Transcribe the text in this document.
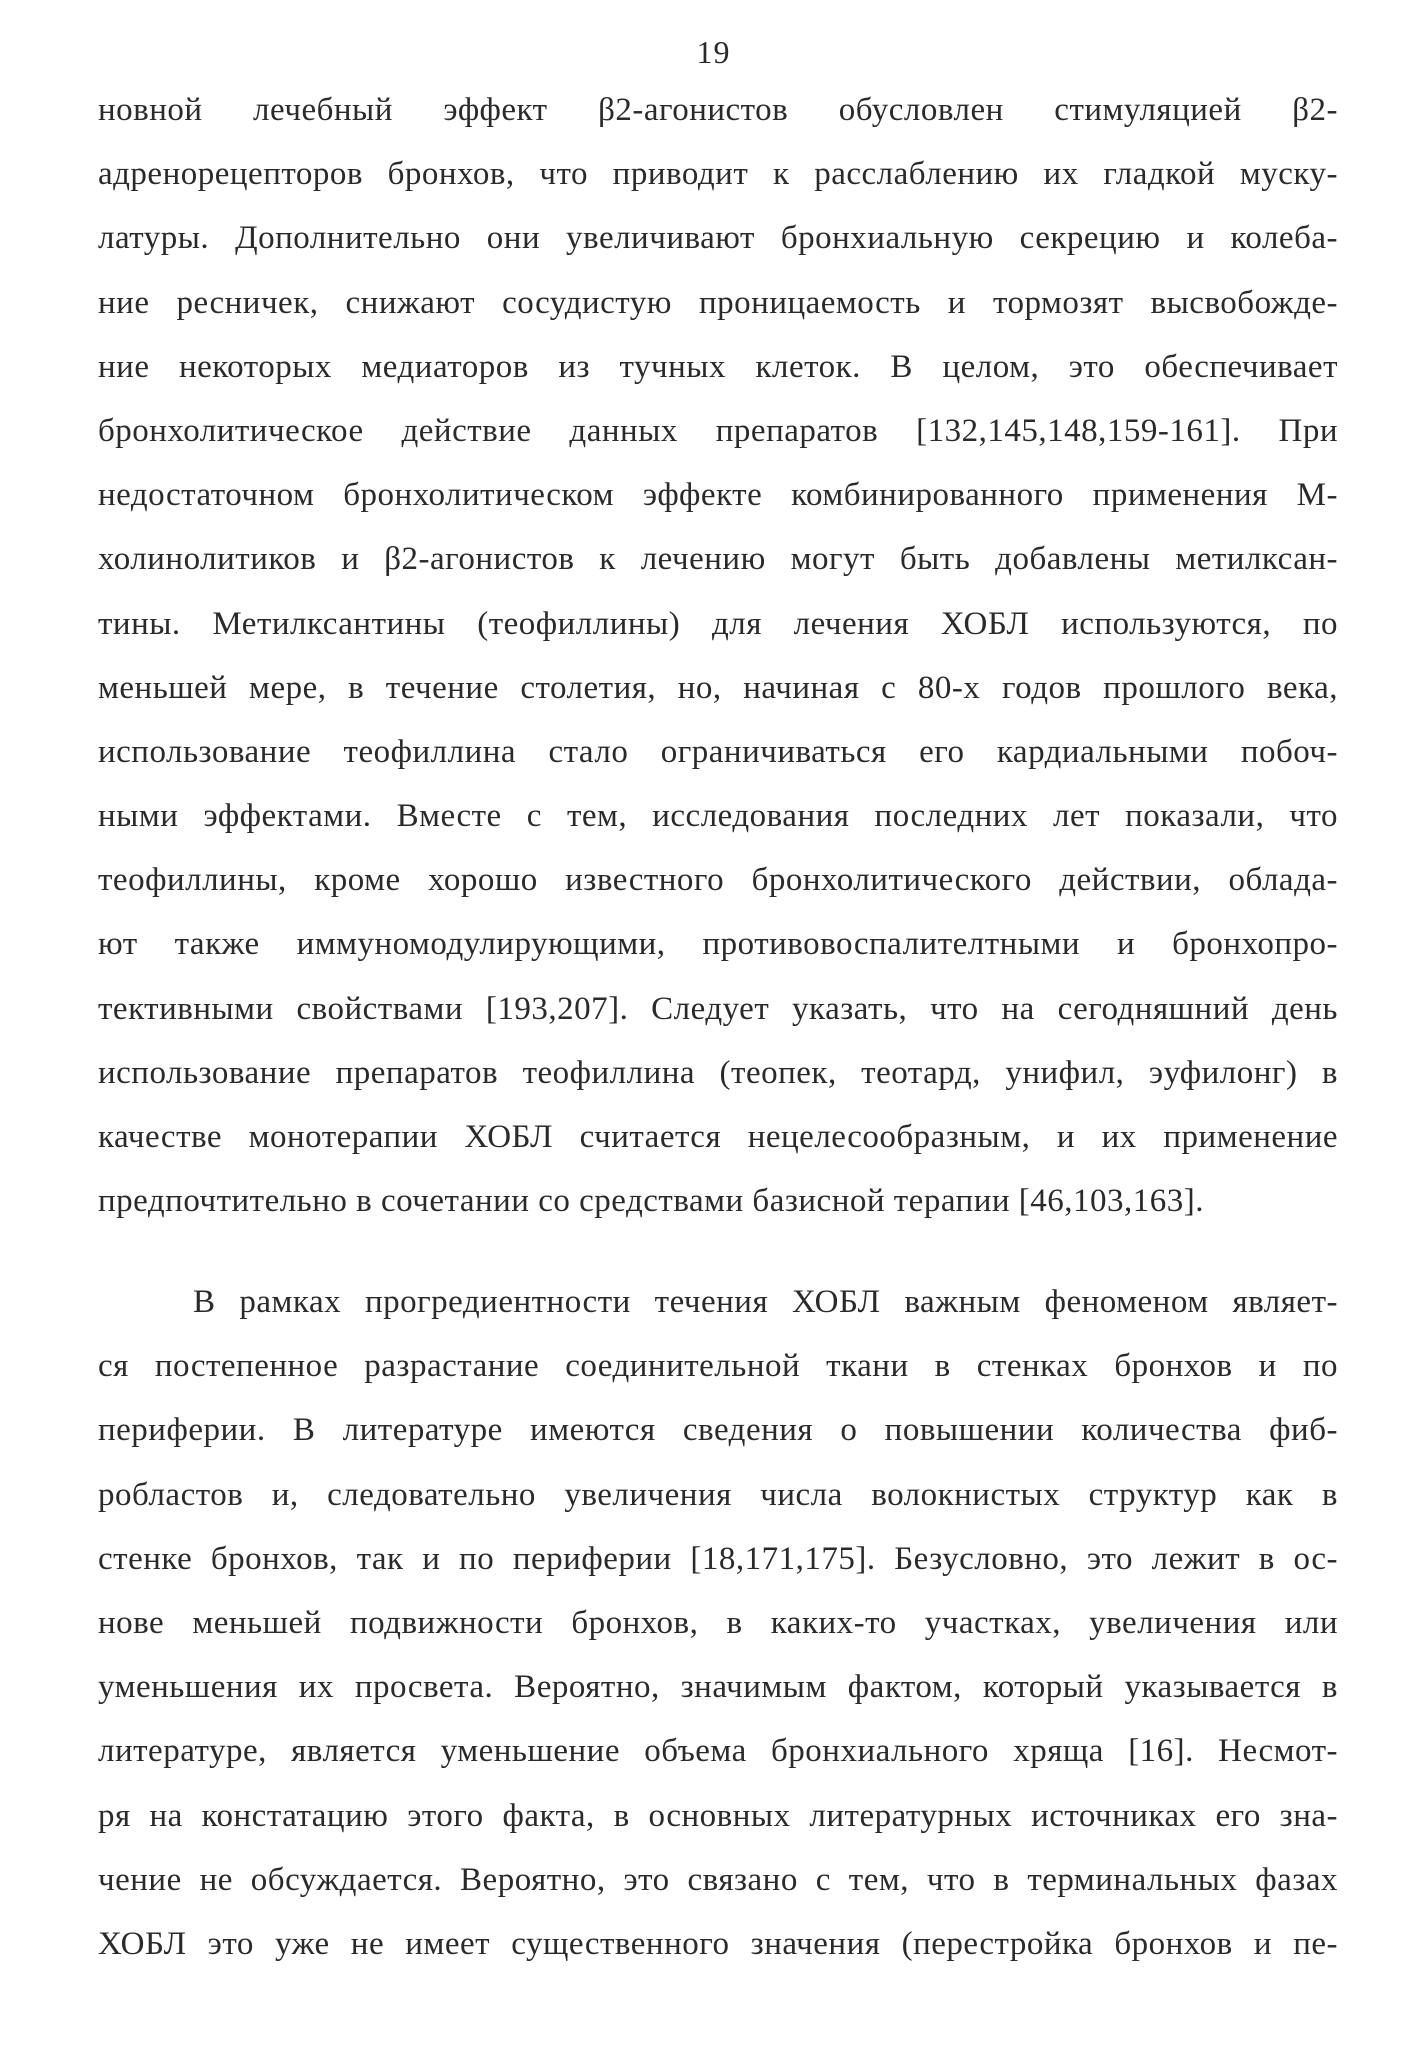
19
новной лечебный эффект β2-агонистов обусловлен стимуляцией β2-
адренорецепторов бронхов, что приводит к расслаблению их гладкой муску-
латуры. Дополнительно они увеличивают бронхиальную секрецию и колеба-
ние ресничек, снижают сосудистую проницаемость и тормозят высвобожде-
ние некоторых медиаторов из тучных клеток. В целом, это обеспечивает
бронхолитическое действие данных препаратов [132,145,148,159-161]. При
недостаточном бронхолитическом эффекте комбинированного применения М-
холинолитиков и β2-агонистов к лечению могут быть добавлены метилксан-
тины. Метилксантины (теофиллины) для лечения ХОБЛ используются, по
меньшей мере, в течение столетия, но, начиная с 80-х годов прошлого века,
использование теофиллина стало ограничиваться его кардиальными побоч-
ными эффектами. Вместе с тем, исследования последних лет показали, что
теофиллины, кроме хорошо известного бронхолитического действии, облада-
ют также иммуномодулирующими, противовоспалителтными и бронхопро-
тективными свойствами [193,207]. Следует указать, что на сегодняшний день
использование препаратов теофиллина (теопек, теотард, унифил, эуфилонг) в
качестве монотерапии ХОБЛ считается нецелесообразным, и их применение
предпочтительно в сочетании со средствами базисной терапии [46,103,163].
В рамках прогредиентности течения ХОБЛ важным феноменом являет-
ся постепенное разрастание соединительной ткани в стенках бронхов и по
периферии. В литературе имеются сведения о повышении количества фиб-
робластов и, следовательно увеличения числа волокнистых структур как в
стенке бронхов, так и по периферии [18,171,175]. Безусловно, это лежит в ос-
нове меньшей подвижности бронхов, в каких-то участках, увеличения или
уменьшения их просвета. Вероятно, значимым фактом, который указывается в
литературе, является уменьшение объема бронхиального хряща [16]. Несмот-
ря на констатацию этого факта, в основных литературных источниках его зна-
чение не обсуждается. Вероятно, это связано с тем, что в терминальных фазах
ХОБЛ это уже не имеет существенного значения (перестройка бронхов и пе-
